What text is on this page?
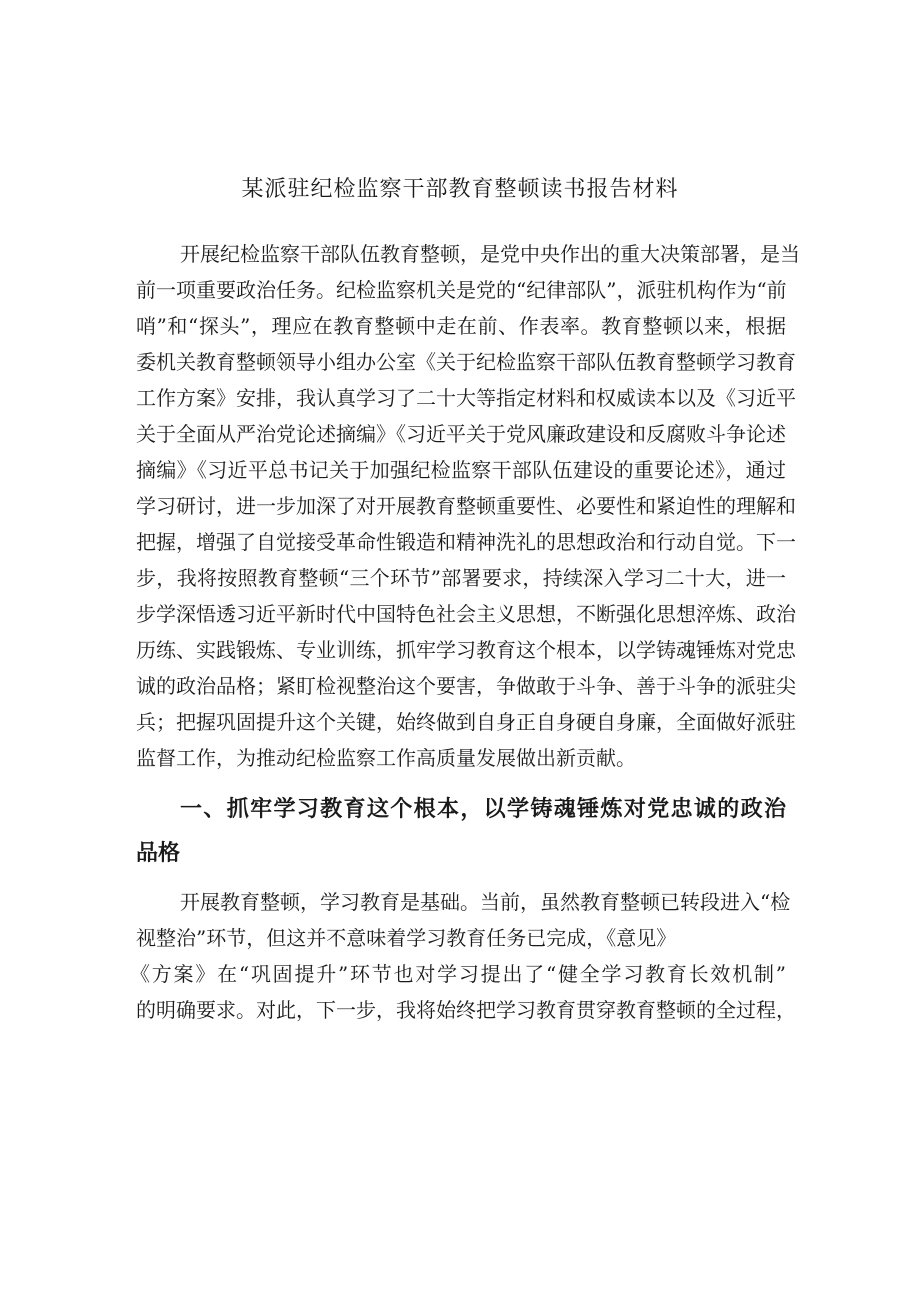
某派驻纪检监察干部教育整顿读书报告材料
开展纪检监察干部队伍教育整顿，是党中央作出的重大决策部署，是当
前一项重要政治任务。纪检监察机关是党的“纪律部队”，派驻机构作为“前
哨”和“探头”，理应在教育整顿中走在前、作表率。教育整顿以来，根据
委机关教育整顿领导小组办公室《关于纪检监察干部队伍教育整顿学习教育
工作方案》安排，我认真学习了二十大等指定材料和权威读本以及《习近平
关于全面从严治党论述摘编》《习近平关于党风廉政建设和反腐败斗争论述
摘编》《习近平总书记关于加强纪检监察干部队伍建设的重要论述》，通过
学习研讨，进一步加深了对开展教育整顿重要性、必要性和紧迫性的理解和
把握，增强了自觉接受革命性锻造和精神洗礼的思想政治和行动自觉。下一
步，我将按照教育整顿“三个环节”部署要求，持续深入学习二十大，进一
步学深悟透习近平新时代中国特色社会主义思想，不断强化思想淬炼、政治
历练、实践锻炼、专业训练，抓牢学习教育这个根本，以学铸魂锤炼对党忠
诚的政治品格；紧盯检视整治这个要害，争做敢于斗争、善于斗争的派驻尖
兵；把握巩固提升这个关键，始终做到自身正自身硬自身廉，全面做好派驻
监督工作，为推动纪检监察工作高质量发展做出新贡献。
一、抓牢学习教育这个根本，以学铸魂锤炼对党忠诚的政治
品格
开展教育整顿，学习教育是基础。当前，虽然教育整顿已转段进入“检
视整治”环节，但这并不意味着学习教育任务已完成，《意见》
《方案》在“巩固提升”环节也对学习提出了“健全学习教育长效机制”
的明确要求。对此，下一步，我将始终把学习教育贯穿教育整顿的全过程，
